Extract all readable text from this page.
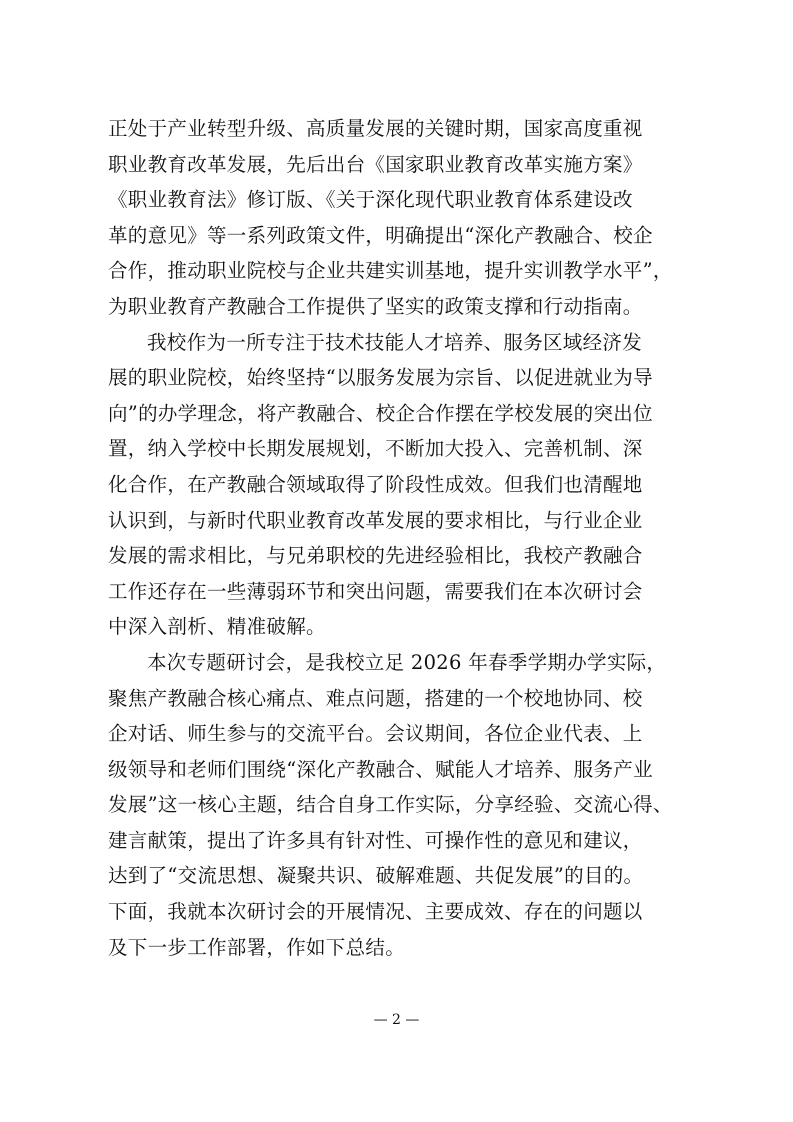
正处于产业转型升级、高质量发展的关键时期，国家高度重视
职业教育改革发展，先后出台《国家职业教育改革实施方案》
《职业教育法》修订版、《关于深化现代职业教育体系建设改
革的意见》等一系列政策文件，明确提出“深化产教融合、校企
合作，推动职业院校与企业共建实训基地，提升实训教学水平”，
为职业教育产教融合工作提供了坚实的政策支撑和行动指南。
我校作为一所专注于技术技能人才培养、服务区域经济发
展的职业院校，始终坚持“以服务发展为宗旨、以促进就业为导
向”的办学理念，将产教融合、校企合作摆在学校发展的突出位
置，纳入学校中长期发展规划，不断加大投入、完善机制、深
化合作，在产教融合领域取得了阶段性成效。但我们也清醒地
认识到，与新时代职业教育改革发展的要求相比，与行业企业
发展的需求相比，与兄弟职校的先进经验相比，我校产教融合
工作还存在一些薄弱环节和突出问题，需要我们在本次研讨会
中深入剖析、精准破解。
本次专题研讨会，是我校立足 2026 年春季学期办学实际，
聚焦产教融合核心痛点、难点问题，搭建的一个校地协同、校
企对话、师生参与的交流平台。会议期间，各位企业代表、上
级领导和老师们围绕“深化产教融合、赋能人才培养、服务产业
发展”这一核心主题，结合自身工作实际，分享经验、交流心得、
建言献策，提出了许多具有针对性、可操作性的意见和建议，
达到了“交流思想、凝聚共识、破解难题、共促发展”的目的。
下面，我就本次研讨会的开展情况、主要成效、存在的问题以
及下一步工作部署，作如下总结。
— 2 —
